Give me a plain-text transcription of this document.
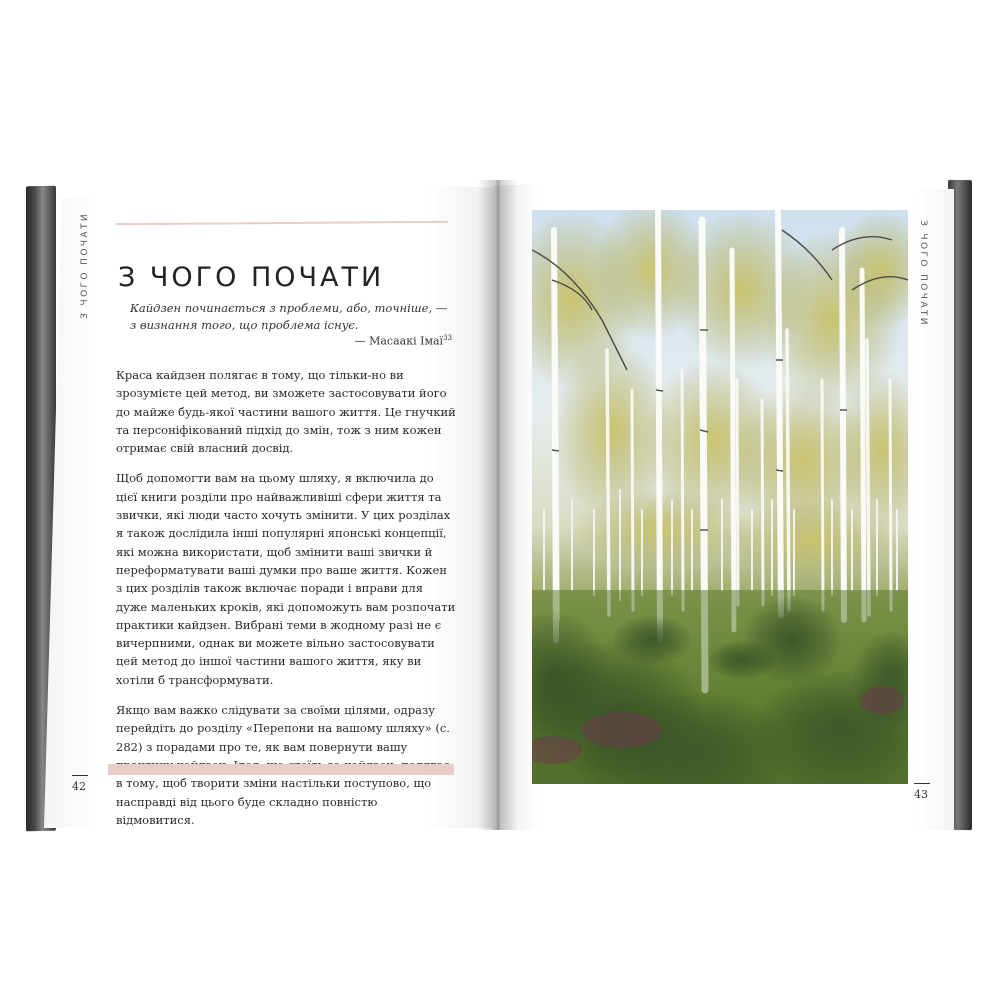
З ЧОГО ПОЧАТИ З ЧОГО ПОЧАТИ
Кайдзен починається з проблеми, або, точніше, — з визнання того, що проблема існує.
— Масаакі Імаї$^{33}$

Краса кайдзен полягає в тому, що тільки-но ви зрозумієте цей метод, ви зможете застосовувати його до майже будь-якої частини вашого життя. Це гнучкий та персоніфікований підхід до змін, тож з ним кожен отримає свій власний досвід.

Щоб допомогти вам на цьому шляху, я включила до цієї книги розділи про найважливіші сфери життя та звички, які люди часто хочуть змінити. У цих розділах я також дослідила інші популярні японські концепції, які можна використати, щоб змінити ваші звички й переформатувати ваші думки про ваше життя. Кожен з цих розділів також включає поради і вправи для дуже маленьких кроків, які допоможуть вам розпочати практики кайдзен. Вибрані теми в жодному разі не є вичерпними, однак ви можете вільно застосовувати цей метод до іншої частини вашого життя, яку ви хотіли б трансформувати.

Якщо вам важко слідувати за своїми цілями, одразу перейдіть до розділу «Перепони на вашому шляху» (с. 282) з порадами про те, як вам повернути вашу в тому, щоб творити зміни настільки поступово, що насправді від цього буде складно повністю відмовитися.

42
З ЧОГО ПОЧАТИ
43
